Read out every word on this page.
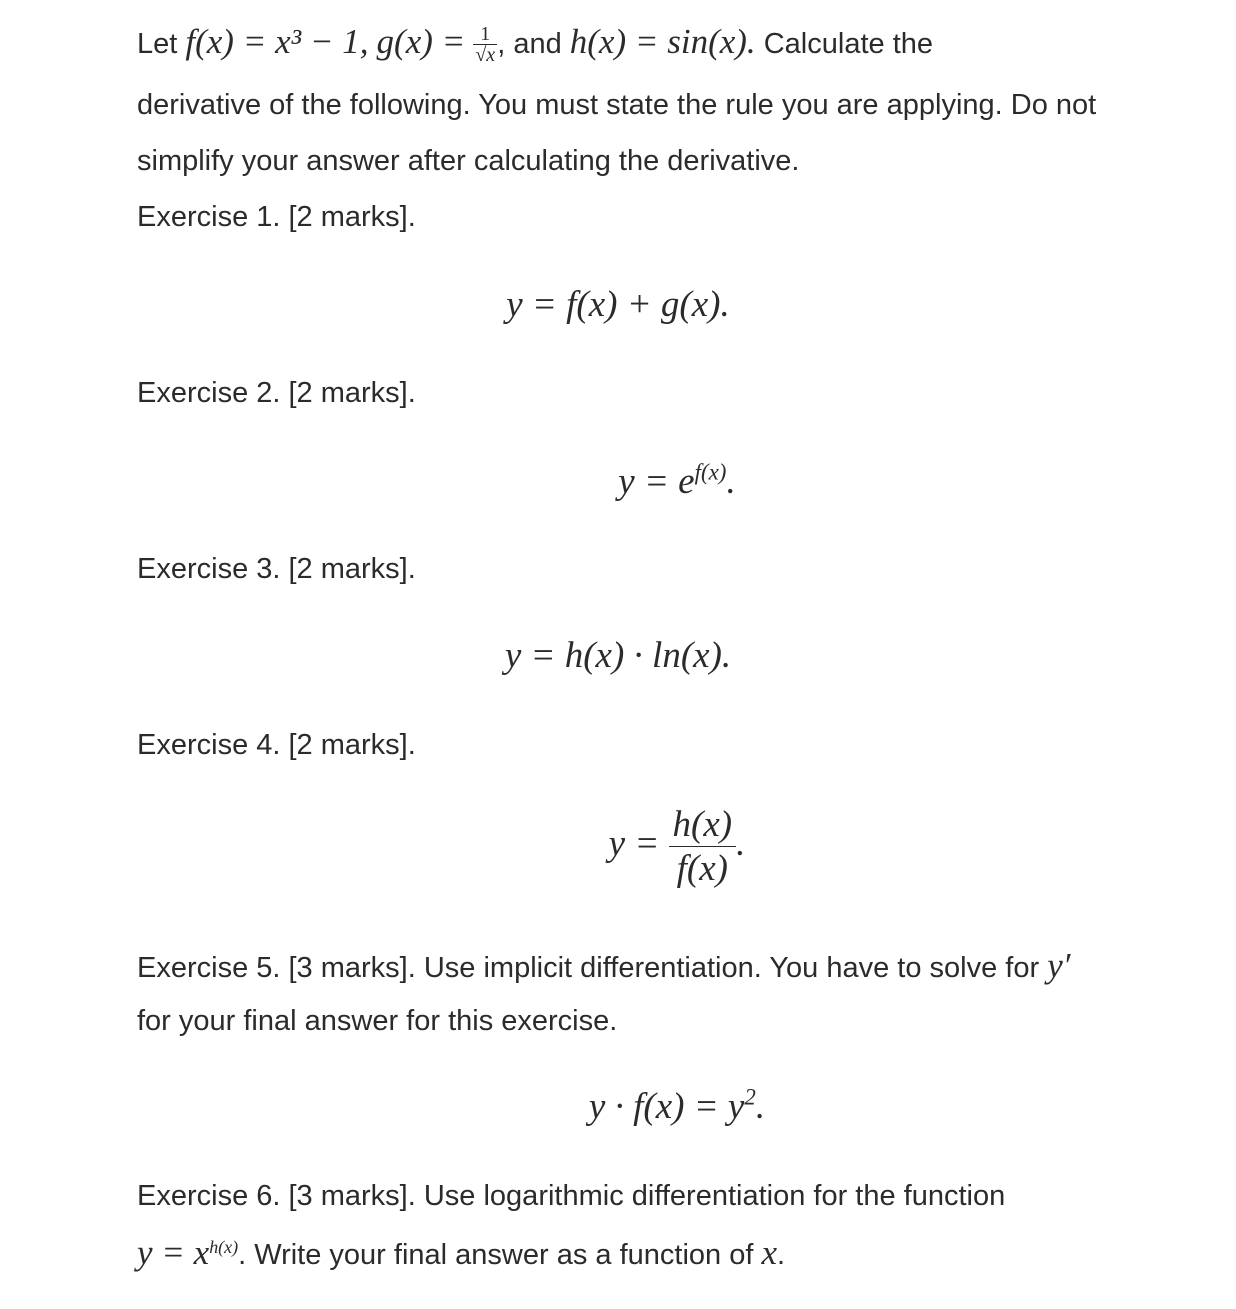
Let f(x) = x³ − 1, $g(x) = \frac{1}{√x}$ , and h(x) = sin(x). Calculate the

derivative of the following. You must state the rule you are applying. Do not

simplify your answer after calculating the derivative.

Exercise 1. [2 marks].

y = f(x) + g(x).

Exercise 2. [2 marks].

$y = e^{f(x)}$.

Exercise 3. [2 marks].

y = h(x) · ln(x).

Exercise 4. [2 marks].

$y = \frac{h(x)}{f(x)}$ .

Exercise 5. [3 marks]. Use implicit differentiation. You have to solve for y′

for your final answer for this exercise.

$y \cdot f(x) = y^2$.

Exercise 6. [3 marks]. Use logarithmic differentiation for the function

$y = x^{h(x)}$. Write your final answer as a function of x.
